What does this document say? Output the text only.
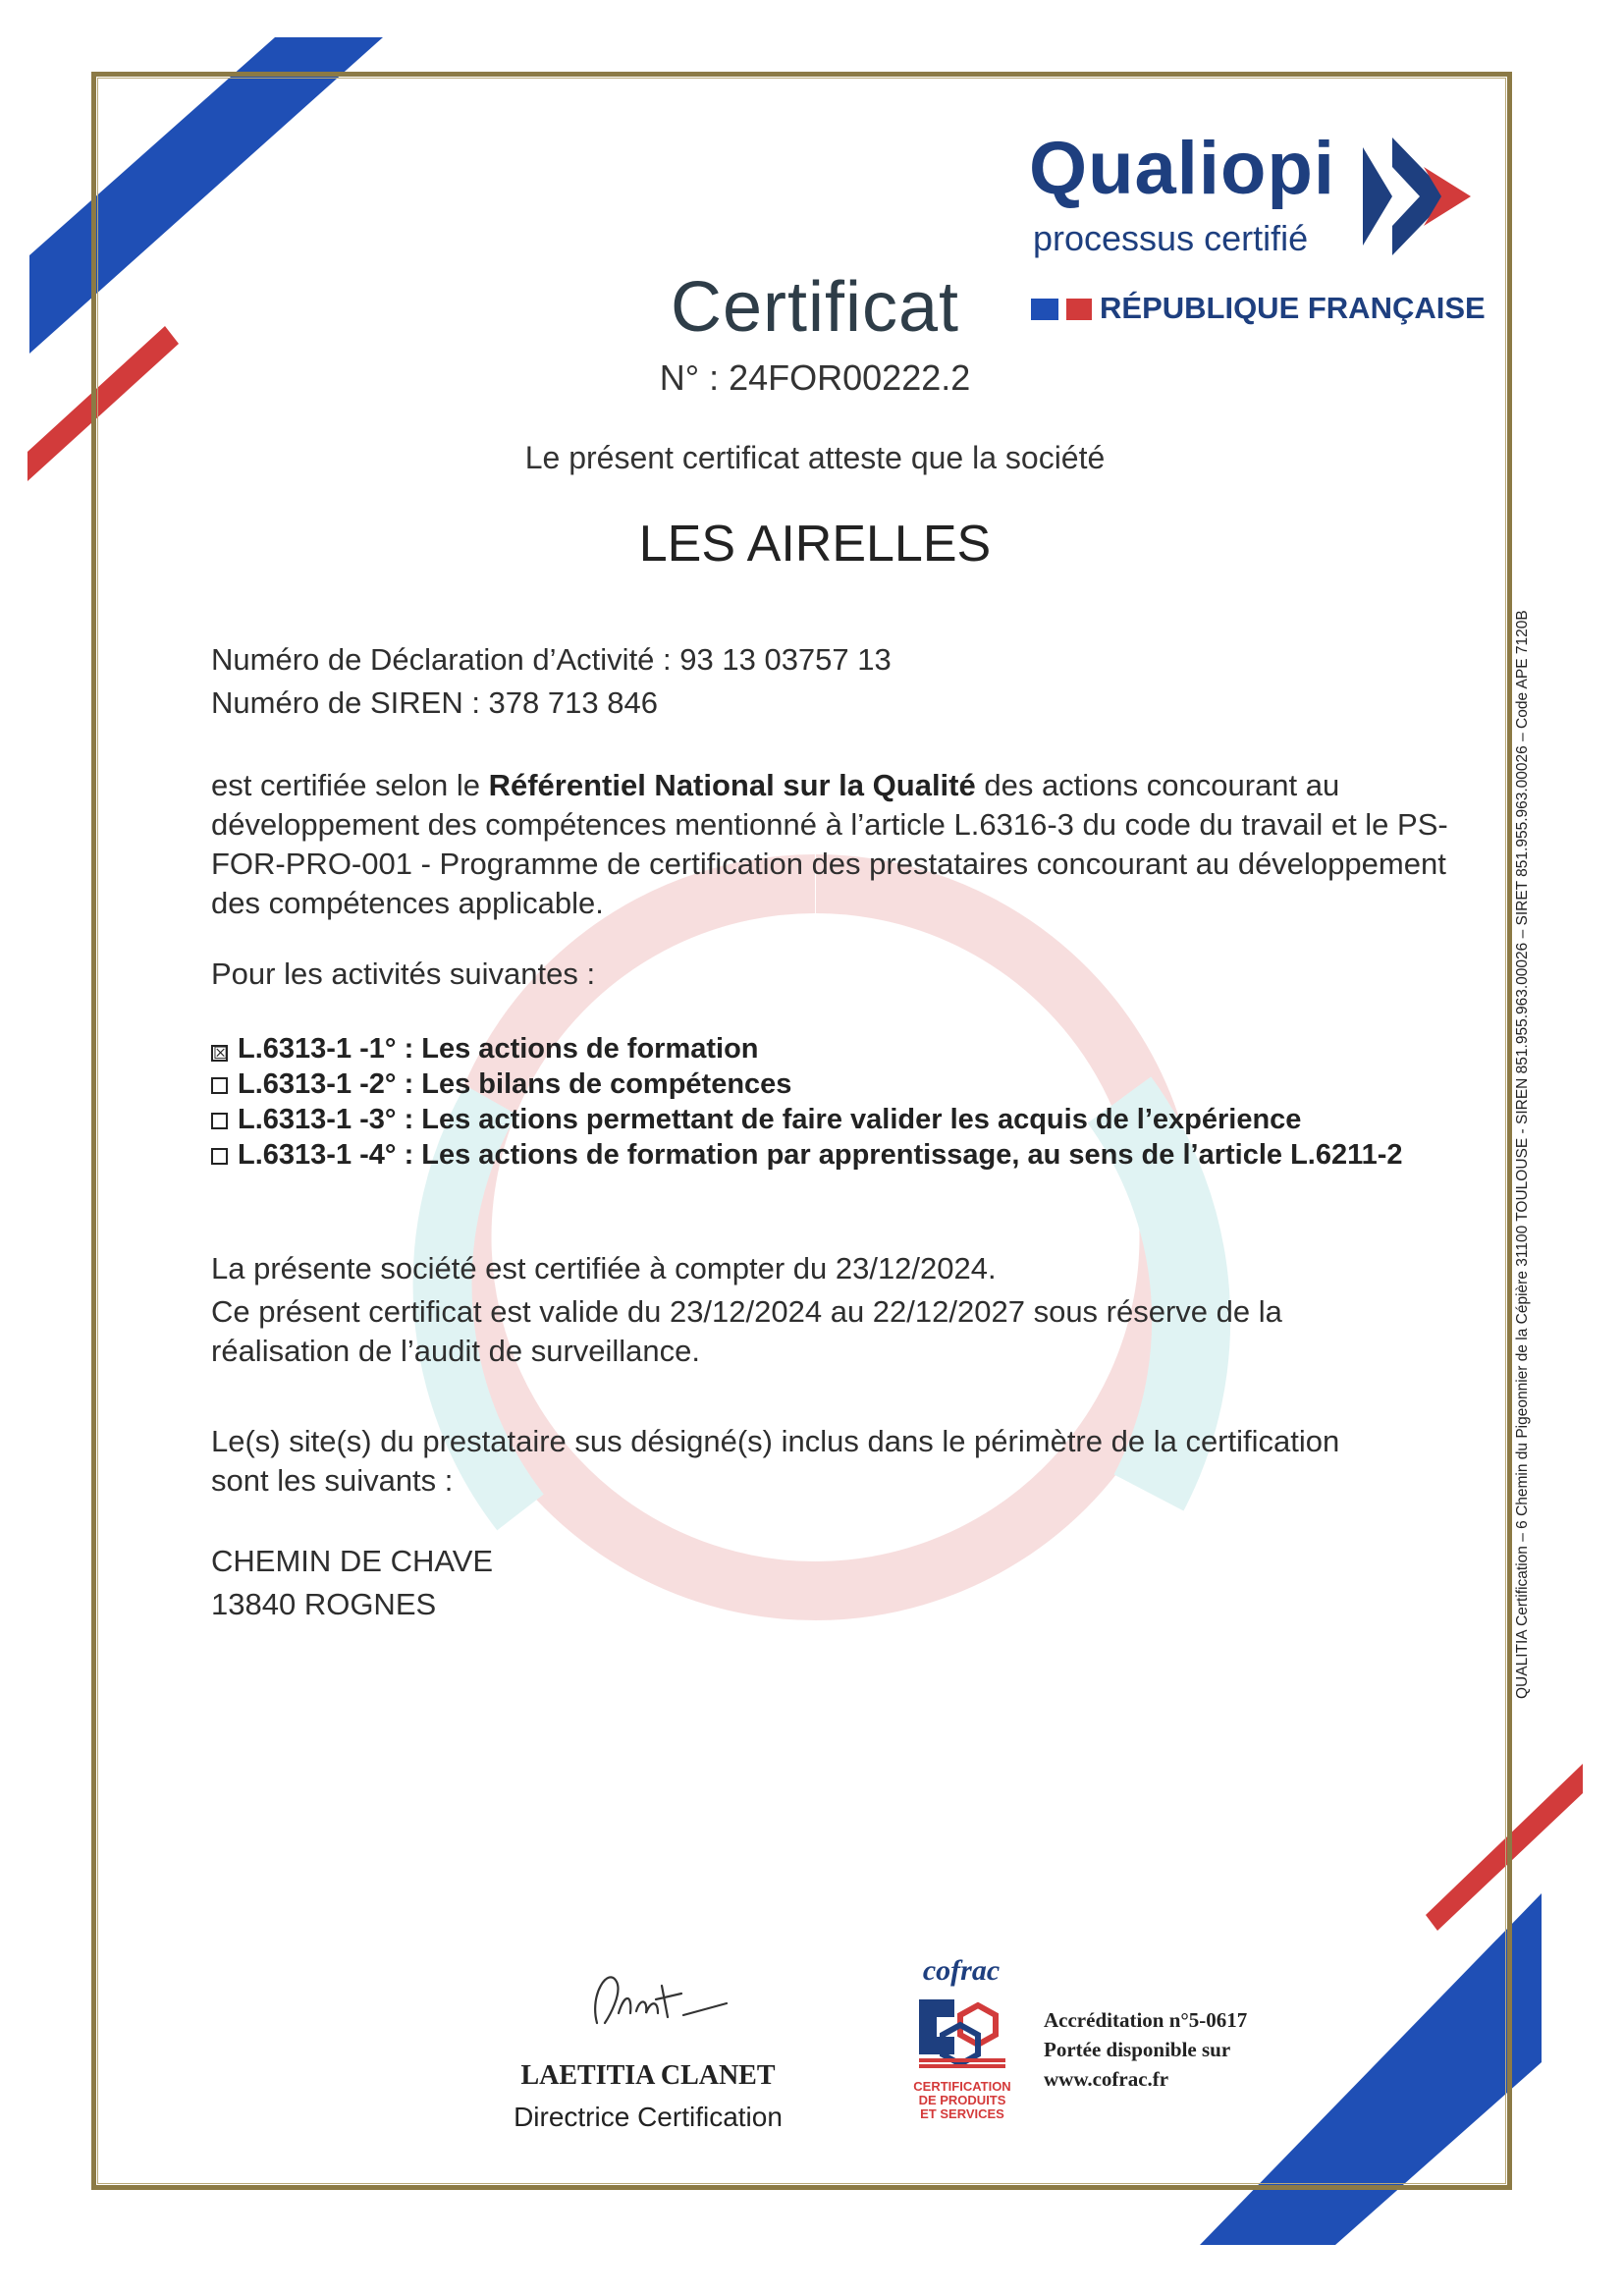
Qualiopi
processus certifié
RÉPUBLIQUE FRANÇAISE
Certificat
N° : 24FOR00222.2
Le présent certificat atteste que la société
LES AIRELLES
Numéro de Déclaration d’Activité : 93 13 03757 13
Numéro de SIREN : 378 713 846
est certifiée selon le Référentiel National sur la Qualité des actions concourant au développement des compétences mentionné à l’article L.6316-3 du code du travail et le PS-FOR-PRO-001 - Programme de certification des prestataires concourant au développement des compétences applicable.
Pour les activités suivantes :
☒ L.6313-1 -1° : Les actions de formation
L.6313-1 -2° : Les bilans de compétences
L.6313-1 -3° : Les actions permettant de faire valider les acquis de l’expérience
L.6313-1 -4° : Les actions de formation par apprentissage, au sens de l’article L.6211-2
La présente société est certifiée à compter du 23/12/2024.
Ce présent certificat est valide du 23/12/2024 au 22/12/2027 sous réserve de la réalisation de l’audit de surveillance.
Le(s) site(s) du prestataire sus désigné(s) inclus dans le périmètre de la certification sont les suivants :
CHEMIN DE CHAVE
13840 ROGNES	QUALITIA Certification – 6 Chemin du Pigeonnier de la Cépière 31100 TOULOUSE - SIREN 851.955.963.00026 – SIRET 851.955.963.00026 – Code APE 7120B
LAETITIA CLANET
Directrice Certification
cofrac
CERTIFICATION DE PRODUITS ET SERVICES
Accréditation n°5-0617
Portée disponible sur
www.cofrac.fr
